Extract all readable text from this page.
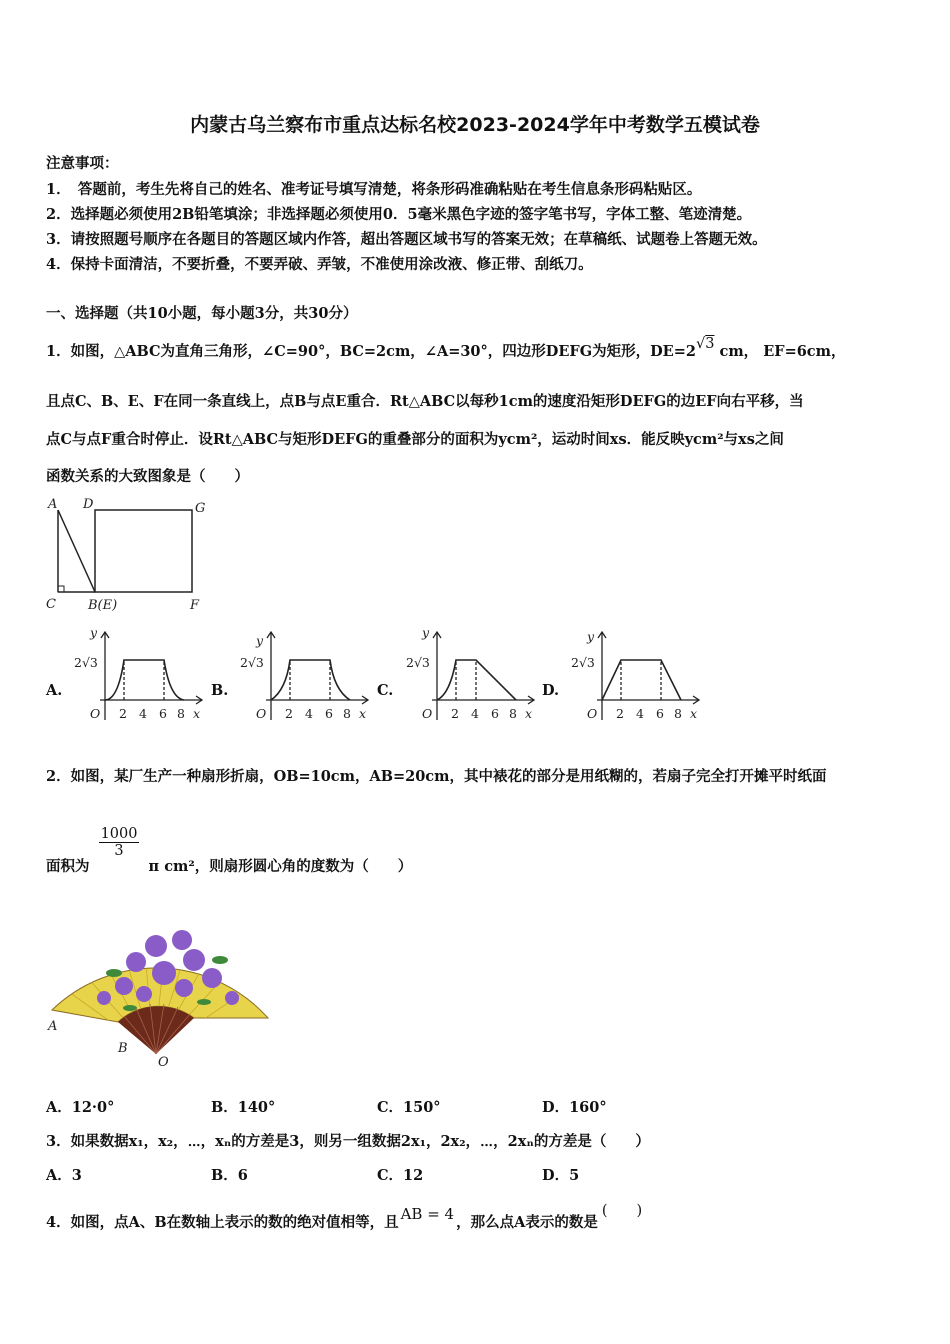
内蒙古乌兰察布市重点达标名校2023-2024学年中考数学五模试卷
注意事项：
1．　答题前，考生先将自己的姓名、准考证号填写清楚，将条形码准确粘贴在考生信息条形码粘贴区。
2．选择题必须使用2B铅笔填涂；非选择题必须使用0．5毫米黑色字迹的签字笔书写，字体工整、笔迹清楚。
3．请按照题号顺序在各题目的答题区域内作答，超出答题区域书写的答案无效；在草稿纸、试题卷上答题无效。
4．保持卡面清洁，不要折叠，不要弄破、弄皱，不准使用涂改液、修正带、刮纸刀。
一、选择题（共10小题，每小题3分，共30分）
1．如图，△ABC为直角三角形，∠C=90°，BC=2cm，∠A=30°，四边形DEFG为矩形，DE=2√3 cm， EF=6cm，
且点C、B、E、F在同一条直线上，点B与点E重合．Rt△ABC以每秒1cm的速度沿矩形DEFG的边EF向右平移，当
点C与点F重合时停止．设Rt△ABC与矩形DEFG的重叠部分的面积为ycm²，运动时间xs．能反映ycm²与xs之间
函数关系的大致图象是（　　）
A D	G
C B(E)	F
A.	B.	C.	D.
y
2√3
O 2 4 6 8 x
y
2√3
O 2 4 6 8 x
y
2√3
O 2 4 6 8 x
y
2√3
O 2 4 6 8 x
2．如图，某厂生产一种扇形折扇，OB=10cm，AB=20cm，其中裱花的部分是用纸糊的，若扇子完全打开摊平时纸面
面积为
$\frac{1000}{3}$
π cm²，则扇形圆心角的度数为（　　）
A
B
O
A．12·0°	B．140°	C．150°	D．160°
3．如果数据x₁，x₂，⋯，xₙ的方差是3，则另一组数据2x₁，2x₂，⋯，2xₙ的方差是（　　）
A．3	B．6	C．12	D．5
4．如图，点A、B在数轴上表示的数的绝对值相等，且 AB = 4 ，那么点A表示的数是(　　)
